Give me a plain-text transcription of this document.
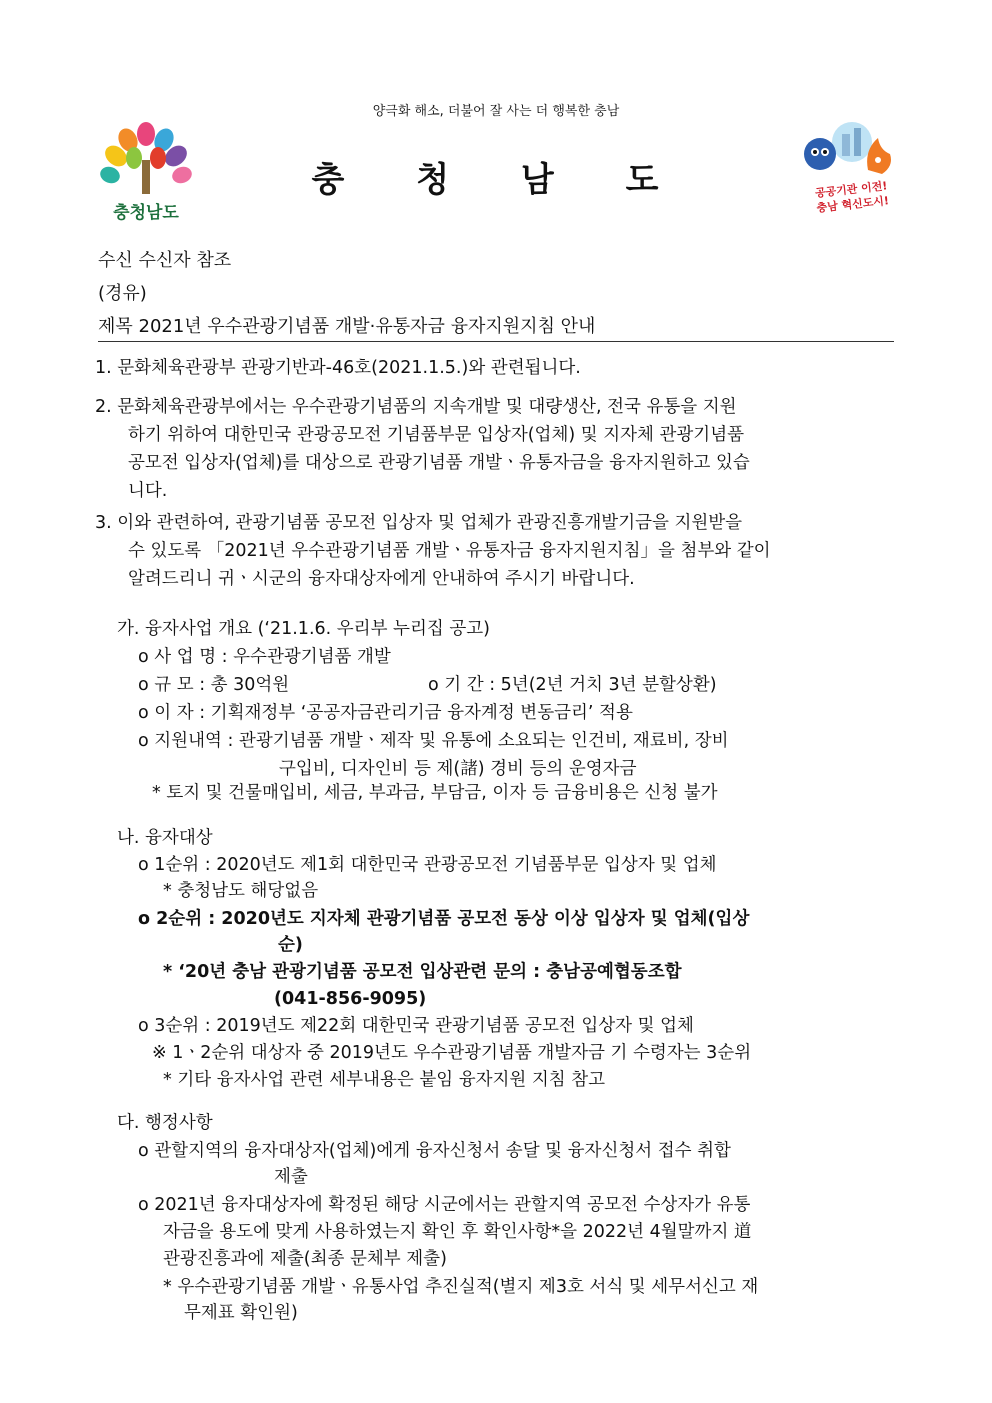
양극화 해소, 더불어 잘 사는 더 행복한 충남
충청남도
충 청 남 도	공공기관 이전!
충남 혁신도시!
수신 수신자 참조
(경유)
제목 2021년 우수관광기념품 개발·유통자금 융자지원지침 안내
1. 문화체육관광부 관광기반과-46호(2021.1.5.)와 관련됩니다.
2. 문화체육관광부에서는 우수관광기념품의 지속개발 및 대량생산, 전국 유통을 지원
하기 위하여 대한민국 관광공모전 기념품부문 입상자(업체) 및 지자체 관광기념품
공모전 입상자(업체)를 대상으로 관광기념품 개발ㆍ유통자금을 융자지원하고 있습
니다.
3. 이와 관련하여, 관광기념품 공모전 입상자 및 업체가 관광진흥개발기금을 지원받을
수 있도록 「2021년 우수관광기념품 개발ㆍ유통자금 융자지원지침」을 첨부와 같이
알려드리니 귀ㆍ시군의 융자대상자에게 안내하여 주시기 바랍니다.
가. 융자사업 개요 (‘21.1.6. 우리부 누리집 공고)
o 사 업 명 : 우수관광기념품 개발
o 규 모 : 총 30억원	o 기 간 : 5년(2년 거치 3년 분할상환)
o 이 자 : 기획재정부 ‘공공자금관리기금 융자계정 변동금리’ 적용
o 지원내역 : 관광기념품 개발ㆍ제작 및 유통에 소요되는 인건비, 재료비, 장비
구입비, 디자인비 등 제(諸) 경비 등의 운영자금
* 토지 및 건물매입비, 세금, 부과금, 부담금, 이자 등 금융비용은 신청 불가
나. 융자대상
o 1순위 : 2020년도 제1회 대한민국 관광공모전 기념품부문 입상자 및 업체
* 충청남도 해당없음
o 2순위 : 2020년도 지자체 관광기념품 공모전 동상 이상 입상자 및 업체(입상
순)
* ‘20년 충남 관광기념품 공모전 입상관련 문의 : 충남공예협동조합
(041-856-9095)
o 3순위 : 2019년도 제22회 대한민국 관광기념품 공모전 입상자 및 업체
※ 1ㆍ2순위 대상자 중 2019년도 우수관광기념품 개발자금 기 수령자는 3순위
* 기타 융자사업 관련 세부내용은 붙임 융자지원 지침 참고
다. 행정사항
o 관할지역의 융자대상자(업체)에게 융자신청서 송달 및 융자신청서 접수 취합
제출
o 2021년 융자대상자에 확정된 해당 시군에서는 관할지역 공모전 수상자가 유통
자금을 용도에 맞게 사용하였는지 확인 후 확인사항*을 2022년 4월말까지 道
관광진흥과에 제출(최종 문체부 제출)
* 우수관광기념품 개발ㆍ유통사업 추진실적(별지 제3호 서식 및 세무서신고 재
무제표 확인원)
